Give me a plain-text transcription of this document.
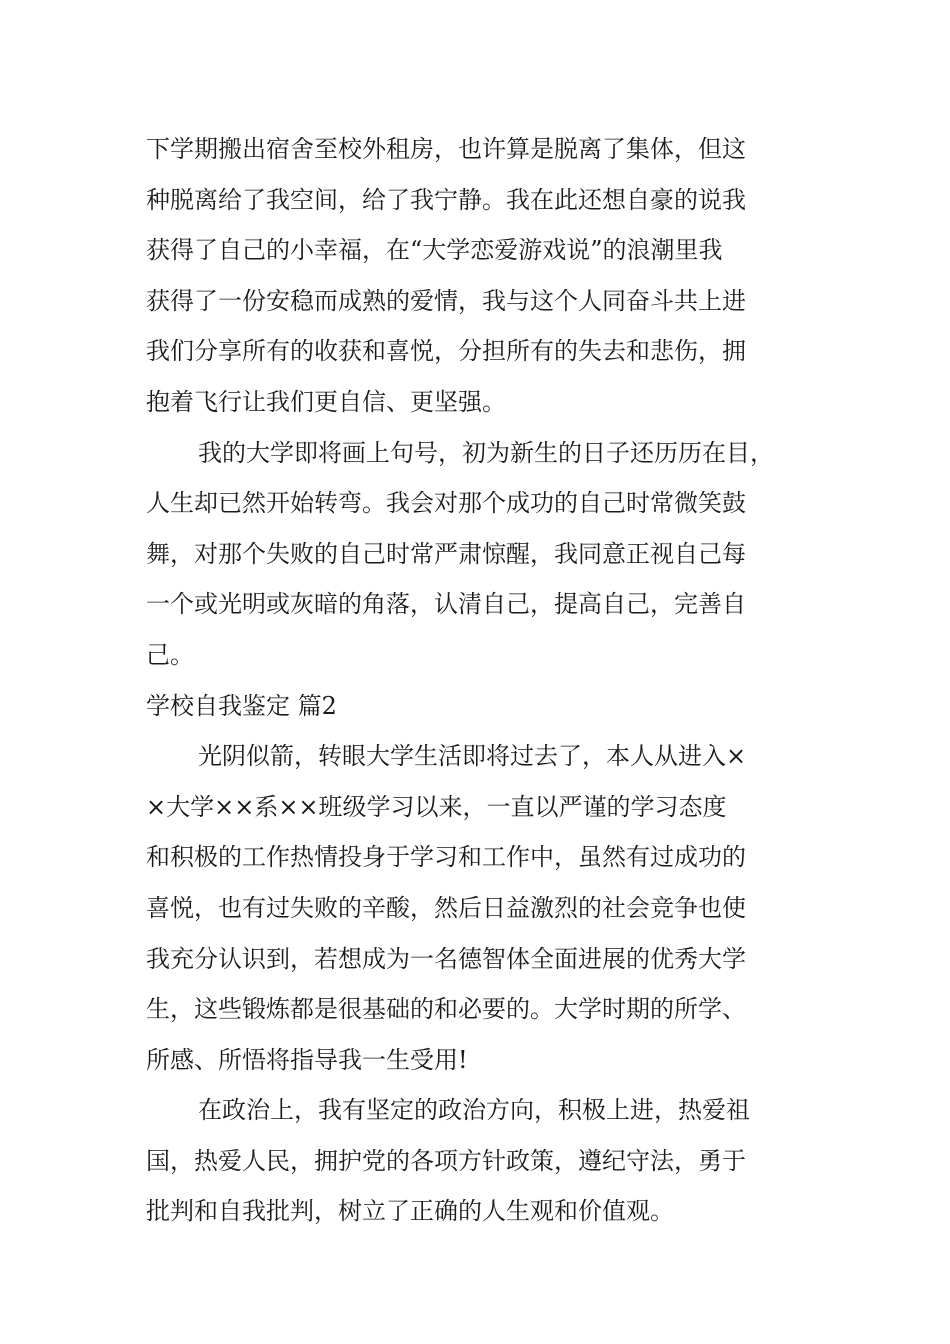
下学期搬出宿舍至校外租房，也许算是脱离了集体，但这
种脱离给了我空间，给了我宁静。我在此还想自豪的说我
获得了自己的小幸福，在“大学恋爱游戏说”的浪潮里我
获得了一份安稳而成熟的爱情，我与这个人同奋斗共上进
我们分享所有的收获和喜悦，分担所有的失去和悲伤，拥
抱着飞行让我们更自信、更坚强。
我的大学即将画上句号，初为新生的日子还历历在目，
人生却已然开始转弯。我会对那个成功的自己时常微笑鼓
舞，对那个失败的自己时常严肃惊醒，我同意正视自己每
一个或光明或灰暗的角落，认清自己，提高自己，完善自
己。
学校自我鉴定 篇2
光阴似箭，转眼大学生活即将过去了，本人从进入×
×大学××系××班级学习以来，一直以严谨的学习态度
和积极的工作热情投身于学习和工作中，虽然有过成功的
喜悦，也有过失败的辛酸，然后日益激烈的社会竞争也使
我充分认识到，若想成为一名德智体全面进展的优秀大学
生，这些锻炼都是很基础的和必要的。大学时期的所学、
所感、所悟将指导我一生受用!
在政治上，我有坚定的政治方向，积极上进，热爱祖
国，热爱人民，拥护党的各项方针政策，遵纪守法，勇于
批判和自我批判，树立了正确的人生观和价值观。
